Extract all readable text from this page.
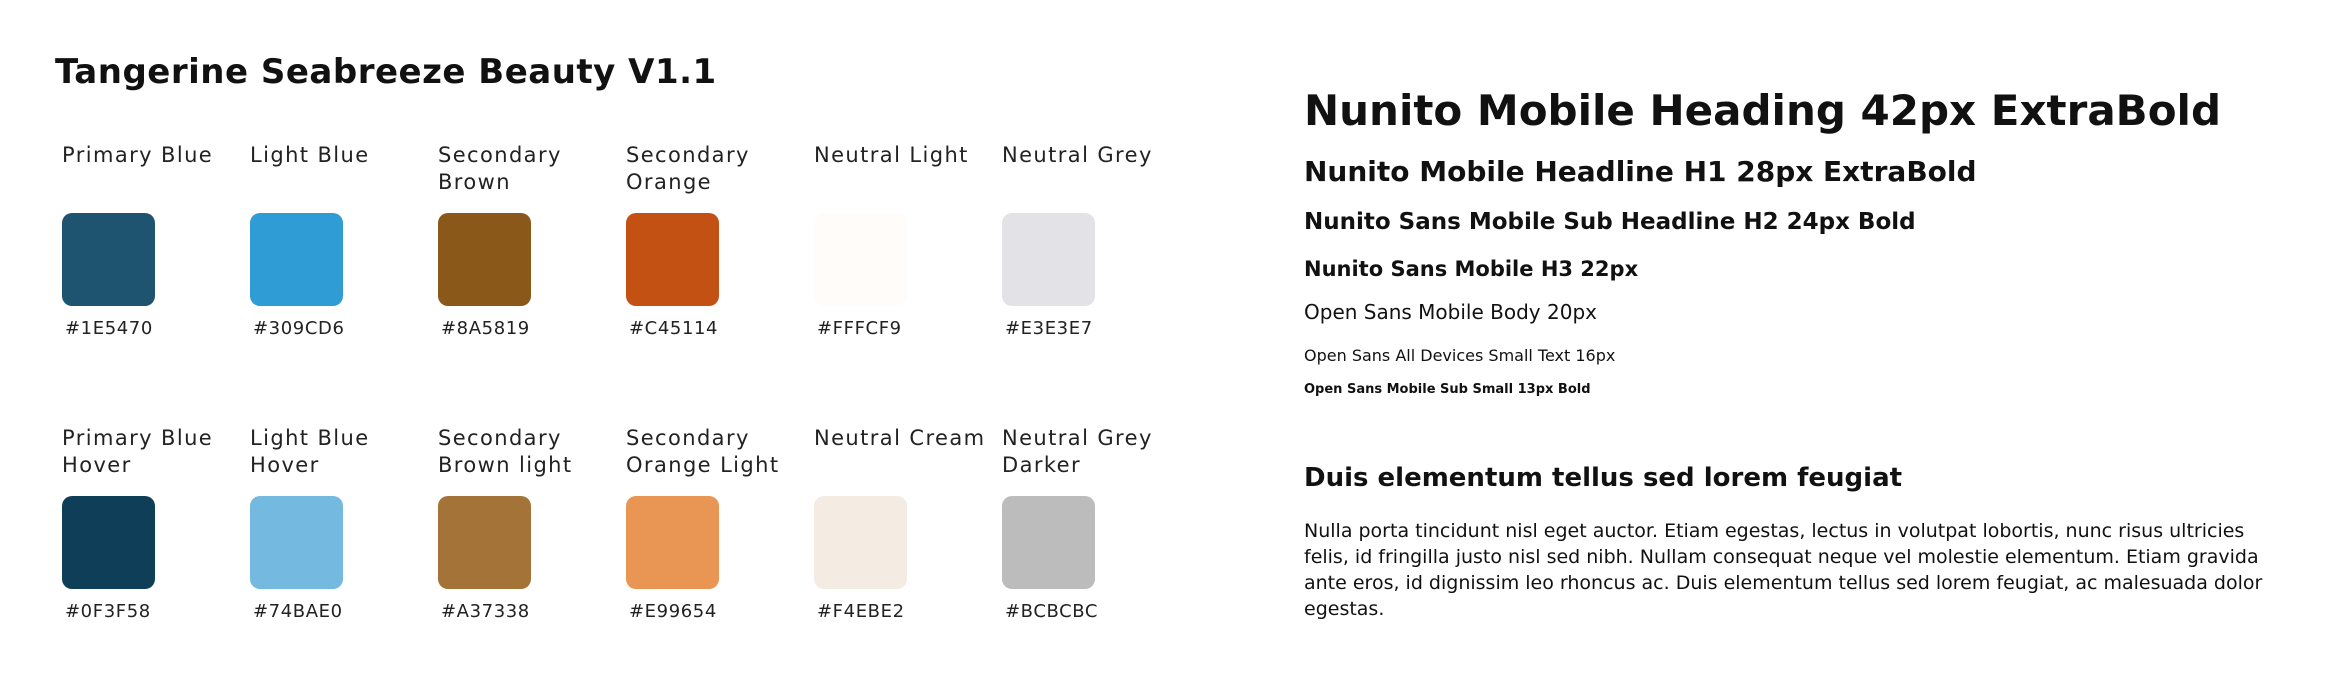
Tangerine Seabreeze Beauty V1.1
Primary Blue
#1E5470
Light Blue
#309CD6
Secondary Brown
#8A5819
Secondary Orange
#C45114
Neutral Light
#FFFCF9
Neutral Grey
#E3E3E7
Primary Blue Hover
#0F3F58
Light Blue Hover
#74BAE0
Secondary Brown light
#A37338
Secondary Orange Light
#E99654
Neutral Cream
#F4EBE2
Neutral Grey Darker
#BCBCBC
Nunito Mobile Heading 42px ExtraBold
Nunito Mobile Headline H1 28px ExtraBold
Nunito Sans Mobile Sub Headline H2 24px Bold
Nunito Sans Mobile H3 22px
Open Sans Mobile Body 20px
Open Sans All Devices Small Text 16px
Open Sans Mobile Sub Small 13px Bold
Duis elementum tellus sed lorem feugiat

Nulla porta tincidunt nisl eget auctor. Etiam egestas, lectus in volutpat lobortis, nunc risus ultricies felis, id fringilla justo nisl sed nibh. Nullam consequat neque vel molestie elementum. Etiam gravida ante eros, id dignissim leo rhoncus ac. Duis elementum tellus sed lorem feugiat, ac malesuada dolor egestas.
